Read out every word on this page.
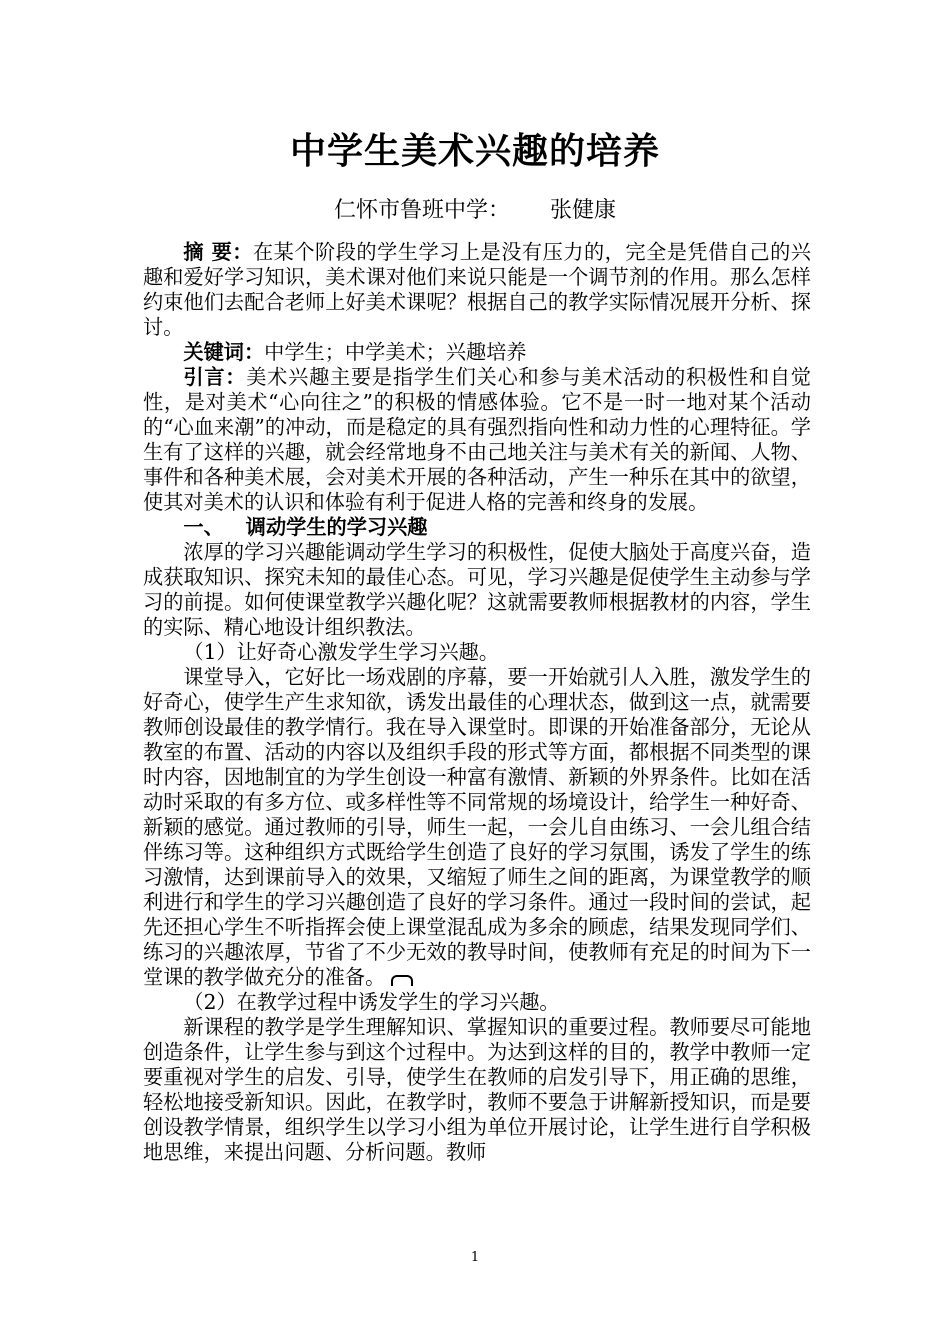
中学生美术兴趣的培养
仁怀市鲁班中学： 张健康

摘 要：在某个阶段的学生学习上是没有压力的，完全是凭借自己的兴趣和爱好学习知识，美术课对他们来说只能是一个调节剂的作用。那么怎样约束他们去配合老师上好美术课呢？根据自己的教学实际情况展开分析、探讨。

关键词：中学生；中学美术；兴趣培养

引言：美术兴趣主要是指学生们关心和参与美术活动的积极性和自觉性，是对美术“心向往之”的积极的情感体验。它不是一时一地对某个活动的“心血来潮”的冲动，而是稳定的具有强烈指向性和动力性的心理特征。学生有了这样的兴趣，就会经常地身不由己地关注与美术有关的新闻、人物、事件和各种美术展，会对美术开展的各种活动，产生一种乐在其中的欲望，使其对美术的认识和体验有利于促进人格的完善和终身的发展。

一、 调动学生的学习兴趣

浓厚的学习兴趣能调动学生学习的积极性，促使大脑处于高度兴奋，造成获取知识、探究未知的最佳心态。可见，学习兴趣是促使学生主动参与学习的前提。如何使课堂教学兴趣化呢？这就需要教师根据教材的内容，学生的实际、精心地设计组织教法。

（1）让好奇心激发学生学习兴趣。

课堂导入，它好比一场戏剧的序幕，要一开始就引人入胜，激发学生的好奇心，使学生产生求知欲，诱发出最佳的心理状态，做到这一点，就需要教师创设最佳的教学情行。我在导入课堂时。即课的开始准备部分，无论从教室的布置、活动的内容以及组织手段的形式等方面，都根据不同类型的课时内容，因地制宜的为学生创设一种富有激情、新颖的外界条件。比如在活动时采取的有多方位、或多样性等不同常规的场境设计，给学生一种好奇、新颖的感觉。通过教师的引导，师生一起，一会儿自由练习、一会儿组合结伴练习等。这种组织方式既给学生创造了良好的学习氛围，诱发了学生的练习激情，达到课前导入的效果，又缩短了师生之间的距离，为课堂教学的顺利进行和学生的学习兴趣创造了良好的学习条件。通过一段时间的尝试，起先还担心学生不听指挥会使上课堂混乱成为多余的顾虑，结果发现同学们、练习的兴趣浓厚，节省了不少无效的教导时间，使教师有充足的时间为下一堂课的教学做充分的准备。

（2）在教学过程中诱发学生的学习兴趣。

新课程的教学是学生理解知识、掌握知识的重要过程。教师要尽可能地创造条件，让学生参与到这个过程中。为达到这样的目的，教学中教师一定要重视对学生的启发、引导，使学生在教师的启发引导下，用正确的思维，轻松地接受新知识。因此，在教学时，教师不要急于讲解新授知识，而是要创设教学情景，组织学生以学习小组为单位开展讨论，让学生进行自学积极地思维，来提出问题、分析问题。教师

1
